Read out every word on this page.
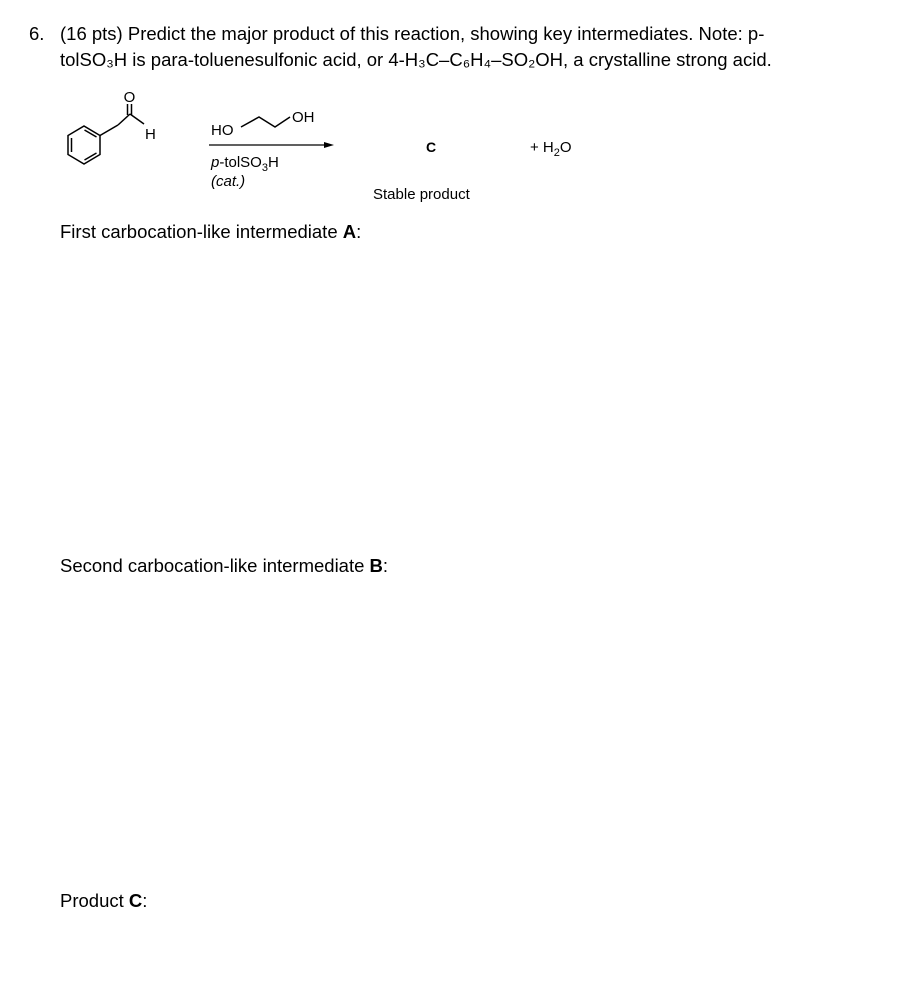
6. (16 pts) Predict the major product of this reaction, showing key intermediates. Note: p-
tolSO₃H is para-toluenesulfonic acid, or 4-H₃C–C₆H₄–SO₂OH, a crystalline strong acid.
O
H	HO
OH
p-tolSO$_3$H
(cat.)
C
Stable product
+ $H_2O$
First carbocation-like intermediate A:
Second carbocation-like intermediate B:
Product C:
